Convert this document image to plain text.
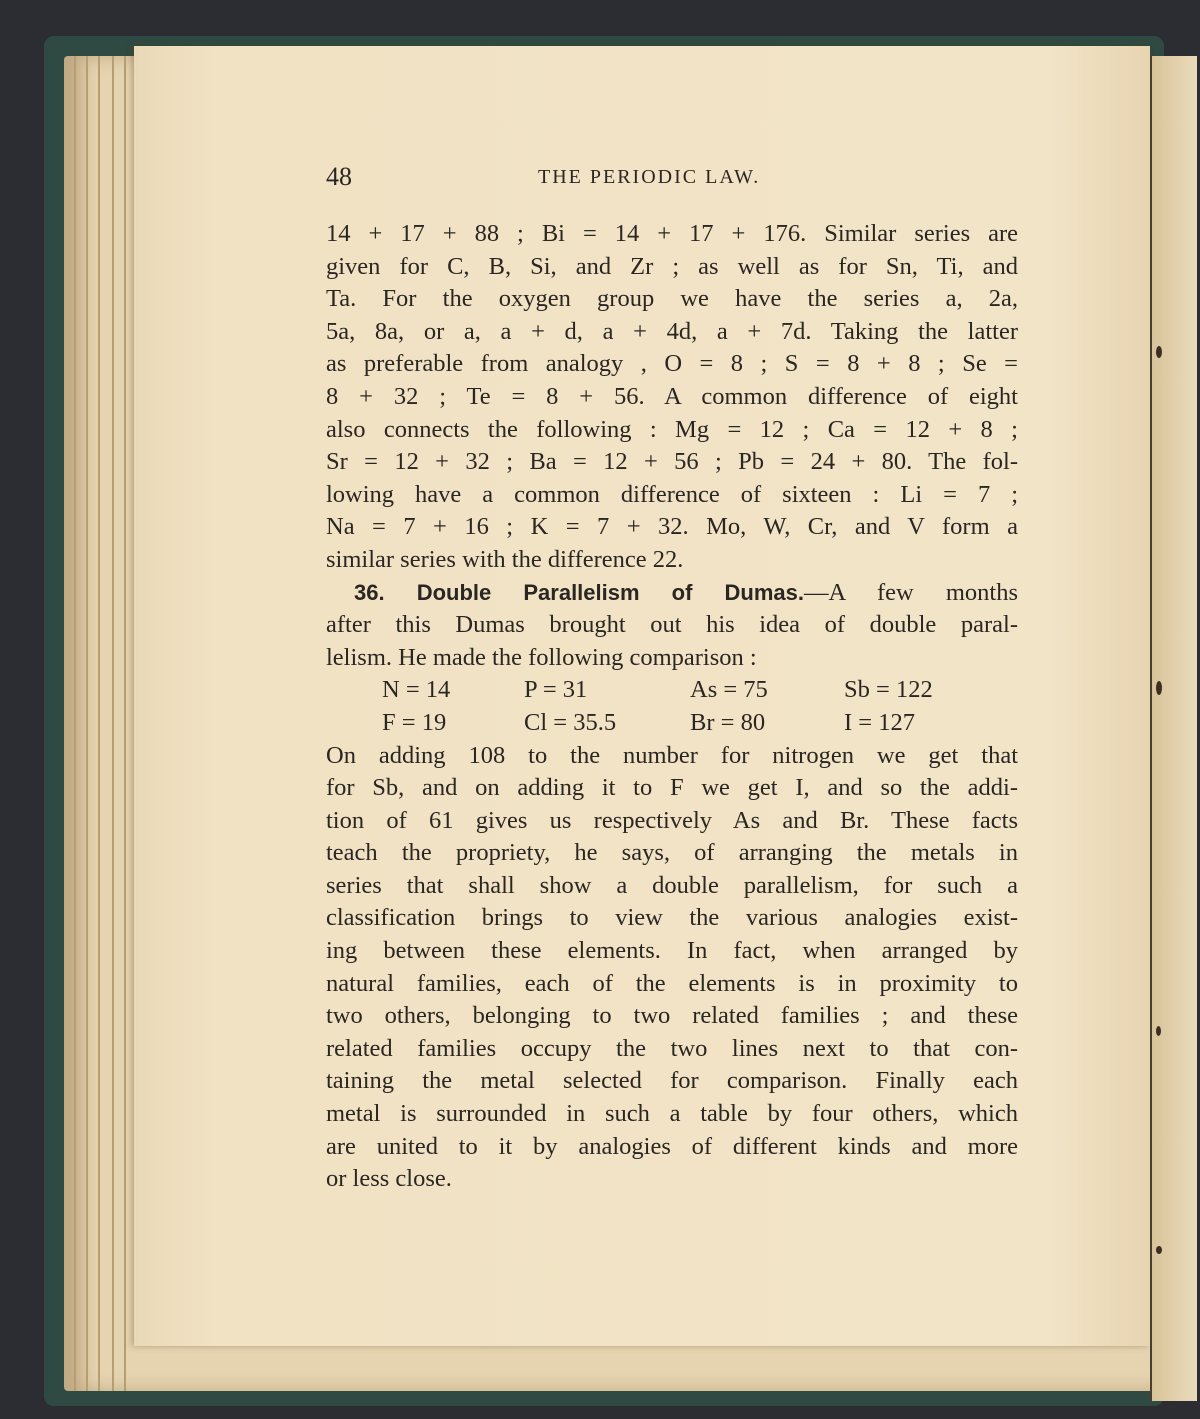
48	THE PERIODIC LAW.
14 + 17 + 88 ; Bi = 14 + 17 + 176. Similar series are
given for C, B, Si, and Zr ; as well as for Sn, Ti, and
Ta. For the oxygen group we have the series a, 2a,
5a, 8a, or a, a + d, a + 4d, a + 7d. Taking the latter
as preferable from analogy , O = 8 ; S = 8 + 8 ; Se =
8 + 32 ; Te = 8 + 56. A common difference of eight
also connects the following : Mg = 12 ; Ca = 12 + 8 ;
Sr = 12 + 32 ; Ba = 12 + 56 ; Pb = 24 + 80. The fol-
lowing have a common difference of sixteen : Li = 7 ;
Na = 7 + 16 ; K = 7 + 32. Mo, W, Cr, and V form a
similar series with the difference 22.
36. Double Parallelism of Dumas.—A few months
after this Dumas brought out his idea of double paral-
lelism. He made the following comparison :
N = 14	P = 31	As = 75	Sb = 122
F = 19	Cl = 35.5	Br = 80	I = 127
On adding 108 to the number for nitrogen we get that
for Sb, and on adding it to F we get I, and so the addi-
tion of 61 gives us respectively As and Br. These facts
teach the propriety, he says, of arranging the metals in
series that shall show a double parallelism, for such a
classification brings to view the various analogies exist-
ing between these elements. In fact, when arranged by
natural families, each of the elements is in proximity to
two others, belonging to two related families ; and these
related families occupy the two lines next to that con-
taining the metal selected for comparison. Finally each
metal is surrounded in such a table by four others, which
are united to it by analogies of different kinds and more
or less close.
